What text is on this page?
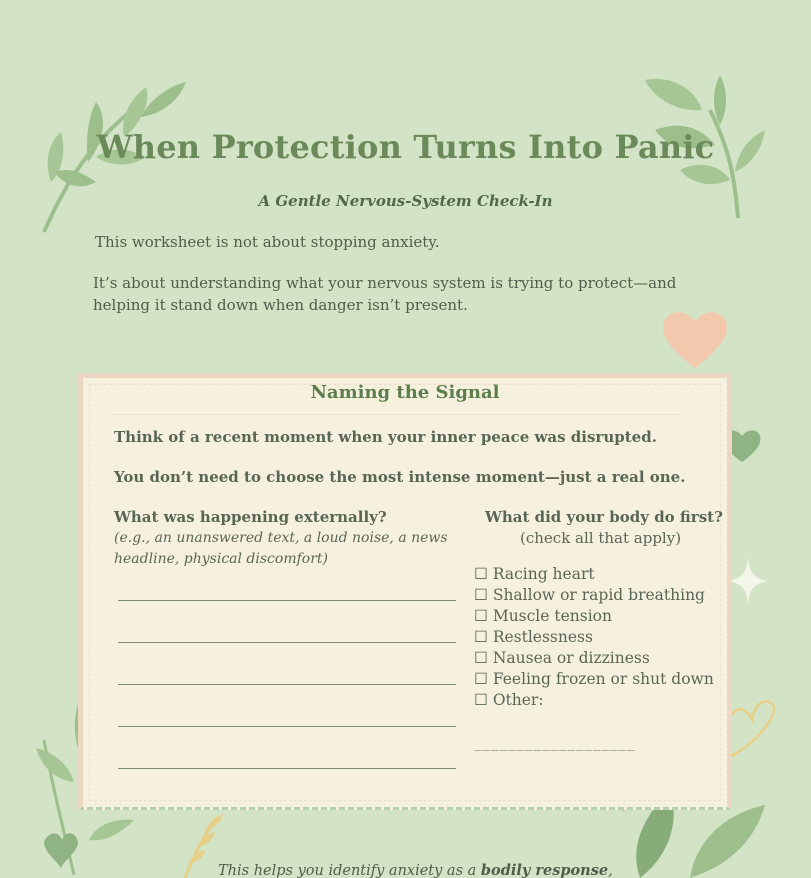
When Protection Turns Into Panic
A Gentle Nervous-System Check-In

This worksheet is not about stopping anxiety.

It’s about understanding what your nervous system is trying to protect—and helping it stand down when danger isn’t present.

Naming the Signal

Think of a recent moment when your inner peace was disrupted.

You don’t need to choose the most intense moment—just a real one.

What was happening externally?

(e.g., an unanswered text, a loud noise, a news headline, physical discomfort)

What did your body do first?

(check all that apply)

☐ Racing heart
☐ Shallow or rapid breathing
☐ Muscle tension
☐ Restlessness
☐ Nausea or dizziness
☐ Feeling frozen or shut down
☐ Other:

___________________

This helps you identify anxiety as a bodily response,
